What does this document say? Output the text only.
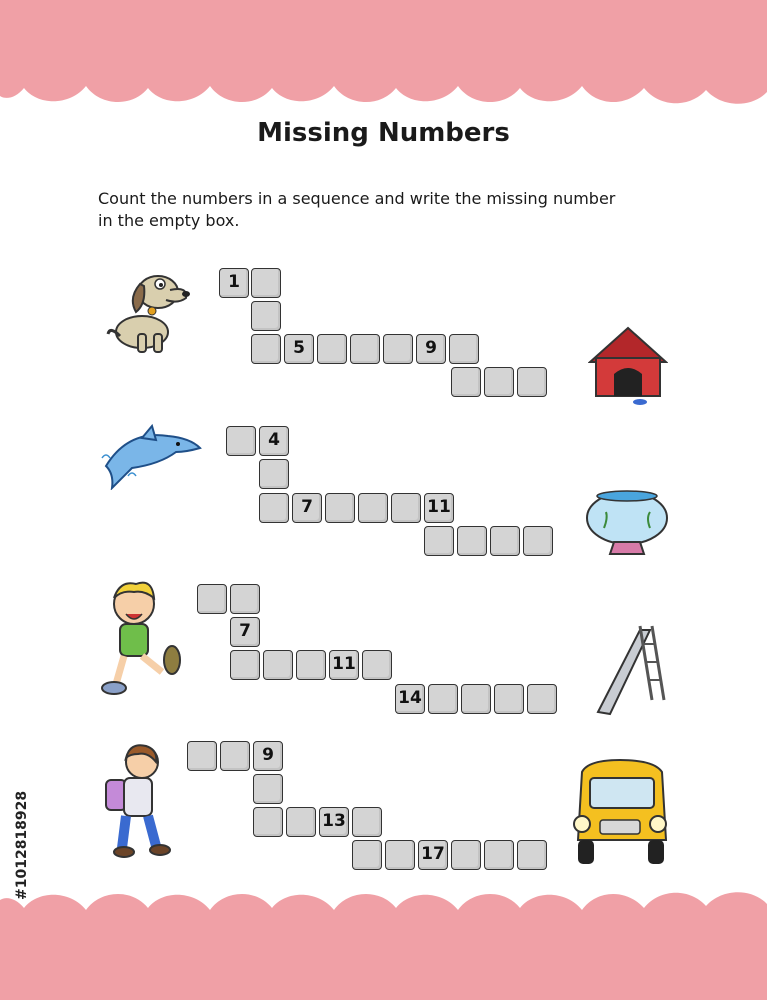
Missing Numbers
Count the numbers in a sequence and write the missing number in the empty box.
1
5	9
4
7	11
7
11
14
9
13
17
#1012818928
